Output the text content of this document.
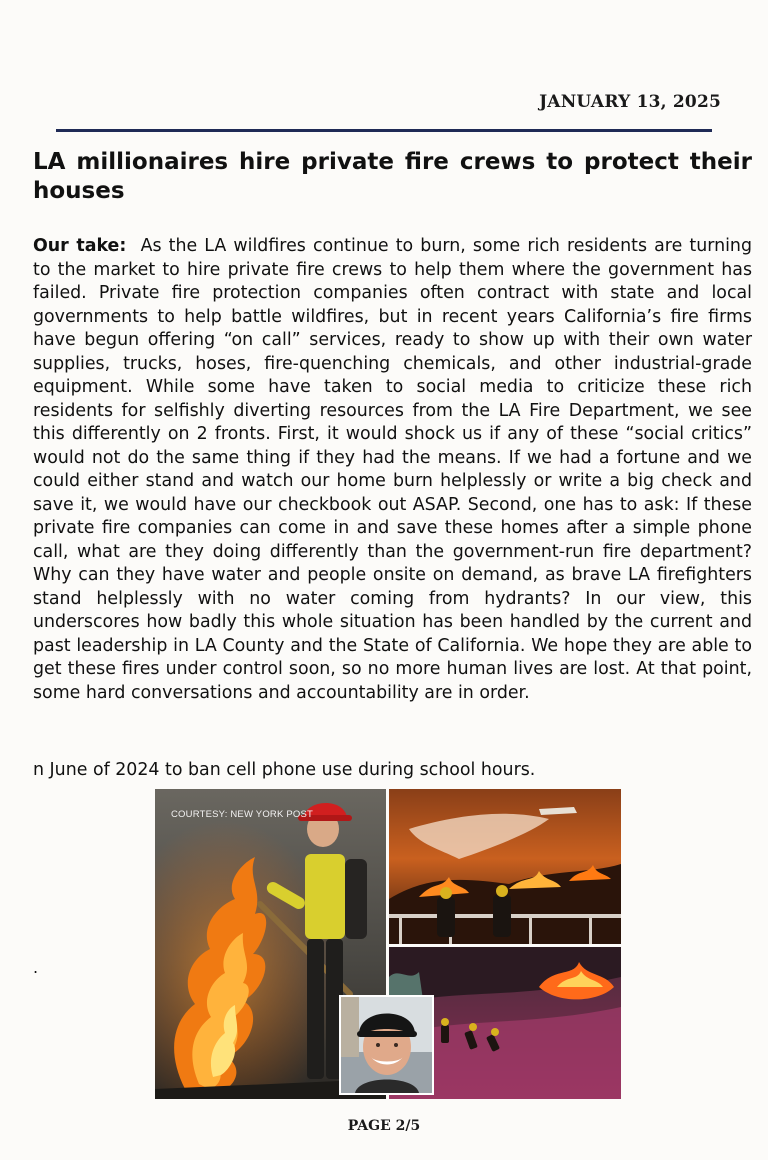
JANUARY 13, 2025
LA millionaires hire private fire crews to protect their houses

Our take: As the LA wildfires continue to burn, some rich residents are turning to the market to hire private fire crews to help them where the government has failed. Private fire protection companies often contract with state and local governments to help battle wildfires, but in recent years California’s fire firms have begun offering “on call” services, ready to show up with their own water supplies, trucks, hoses, fire-quenching chemicals, and other industrial-grade equipment. While some have taken to social media to criticize these rich residents for selfishly diverting resources from the LA Fire Department, we see this differently on 2 fronts. First, it would shock us if any of these “social critics” would not do the same thing if they had the means. If we had a fortune and we could either stand and watch our home burn helplessly or write a big check and save it, we would have our checkbook out ASAP. Second, one has to ask: If these private fire companies can come in and save these homes after a simple phone call, what are they doing differently than the government-run fire department? Why can they have water and people onsite on demand, as brave LA firefighters stand helplessly with no water coming from hydrants? In our view, this underscores how badly this whole situation has been handled by the current and past leadership in LA County and the State of California. We hope they are able to get these fires under control soon, so no more human lives are lost. At that point, some hard conversations and accountability are in order.

n June of 2024 to ban cell phone use during school hours.
.
COURTESY: NEW YORK POST
PAGE 2/5
